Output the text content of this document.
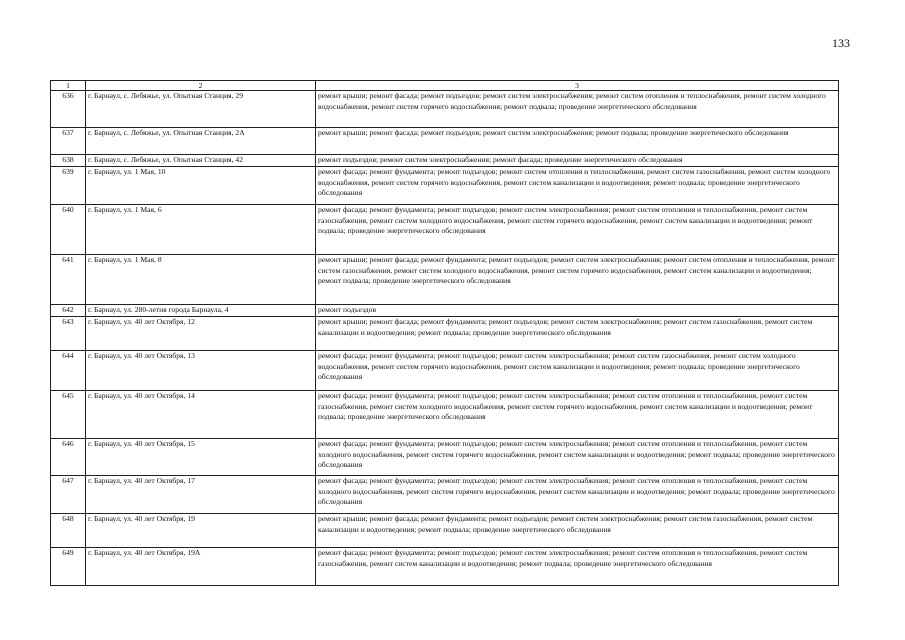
133
1	2	3
636	г. Барнаул, с. Лебяжье, ул. Опытная Станция, 29	ремонт крыши; ремонт фасада; ремонт подъездов; ремонт систем электроснабжения; ремонт систем отопления и теплоснабжения, ремонт систем холодного водоснабжения, ремонт систем горячего водоснабжения; ремонт подвала; проведение энергетического обследования
637	г. Барнаул, с. Лебяжье, ул. Опытная Станция, 2А	ремонт крыши; ремонт фасада; ремонт подъездов; ремонт систем электроснабжения; ремонт подвала; проведение энергетического обследования
638	г. Барнаул, с. Лебяжье, ул. Опытная Станция, 42	ремонт подъездов; ремонт систем электроснабжения; ремонт фасада; проведение энергетического обследования
639	г. Барнаул, ул. 1 Мая, 10	ремонт фасада; ремонт фундамента; ремонт подъездов; ремонт систем отопления и теплоснабжения, ремонт систем газоснабжения, ремонт систем холодного водоснабжения, ремонт систем горячего водоснабжения, ремонт систем канализации и водоотведения; ремонт подвала; проведение энергетического обследования
640	г. Барнаул, ул. 1 Мая, 6	ремонт фасада; ремонт фундамента; ремонт подъездов; ремонт систем электроснабжения; ремонт систем отопления и теплоснабжения, ремонт систем газоснабжения, ремонт систем холодного водоснабжения, ремонт систем горячего водоснабжения, ремонт систем канализации и водоотведения; ремонт подвала; проведение энергетического обследования
641	г. Барнаул, ул. 1 Мая, 8	ремонт крыши; ремонт фасада; ремонт фундамента; ремонт подъездов; ремонт систем электроснабжения; ремонт систем отопления и теплоснабжения, ремонт систем газоснабжения, ремонт систем холодного водоснабжения, ремонт систем горячего водоснабжения, ремонт систем канализации и водоотведения; ремонт подвала; проведение энергетического обследования
642	г. Барнаул, ул. 280-летия города Барнаула, 4	ремонт подъездов
643	г. Барнаул, ул. 40 лет Октября, 12	ремонт крыши; ремонт фасада; ремонт фундамента; ремонт подъездов; ремонт систем электроснабжения; ремонт систем газоснабжения, ремонт систем канализации и водоотведения; ремонт подвала; проведение энергетического обследования
644	г. Барнаул, ул. 40 лет Октября, 13	ремонт фасада; ремонт фундамента; ремонт подъездов; ремонт систем электроснабжения; ремонт систем газоснабжения, ремонт систем холодного водоснабжения, ремонт систем горячего водоснабжения, ремонт систем канализации и водоотведения; ремонт подвала; проведение энергетического обследования
645	г. Барнаул, ул. 40 лет Октября, 14	ремонт фасада; ремонт фундамента; ремонт подъездов; ремонт систем электроснабжения; ремонт систем отопления и теплоснабжения, ремонт систем газоснабжения, ремонт систем холодного водоснабжения, ремонт систем горячего водоснабжения, ремонт систем канализации и водоотведения; ремонт подвала; проведение энергетического обследования
646	г. Барнаул, ул. 40 лет Октября, 15	ремонт фасада; ремонт фундамента; ремонт подъездов; ремонт систем электроснабжения; ремонт систем отопления и теплоснабжения, ремонт систем холодного водоснабжения, ремонт систем горячего водоснабжения, ремонт систем канализации и водоотведения; ремонт подвала; проведение энергетического обследования
647	г. Барнаул, ул. 40 лет Октября, 17	ремонт фасада; ремонт фундамента; ремонт подъездов; ремонт систем электроснабжения; ремонт систем отопления и теплоснабжения, ремонт систем холодного водоснабжения, ремонт систем горячего водоснабжения, ремонт систем канализации и водоотведения; ремонт подвала; проведение энергетического обследования
648	г. Барнаул, ул. 40 лет Октября, 19	ремонт крыши; ремонт фасада; ремонт фундамента; ремонт подъездов; ремонт систем электроснабжения; ремонт систем газоснабжения, ремонт систем канализации и водоотведения; ремонт подвала; проведение энергетического обследования
649	г. Барнаул, ул. 40 лет Октября, 19А	ремонт фасада; ремонт фундамента; ремонт подъездов; ремонт систем электроснабжения; ремонт систем отопления и теплоснабжения, ремонт систем газоснабжения, ремонт систем канализации и водоотведения; ремонт подвала; проведение энергетического обследования
